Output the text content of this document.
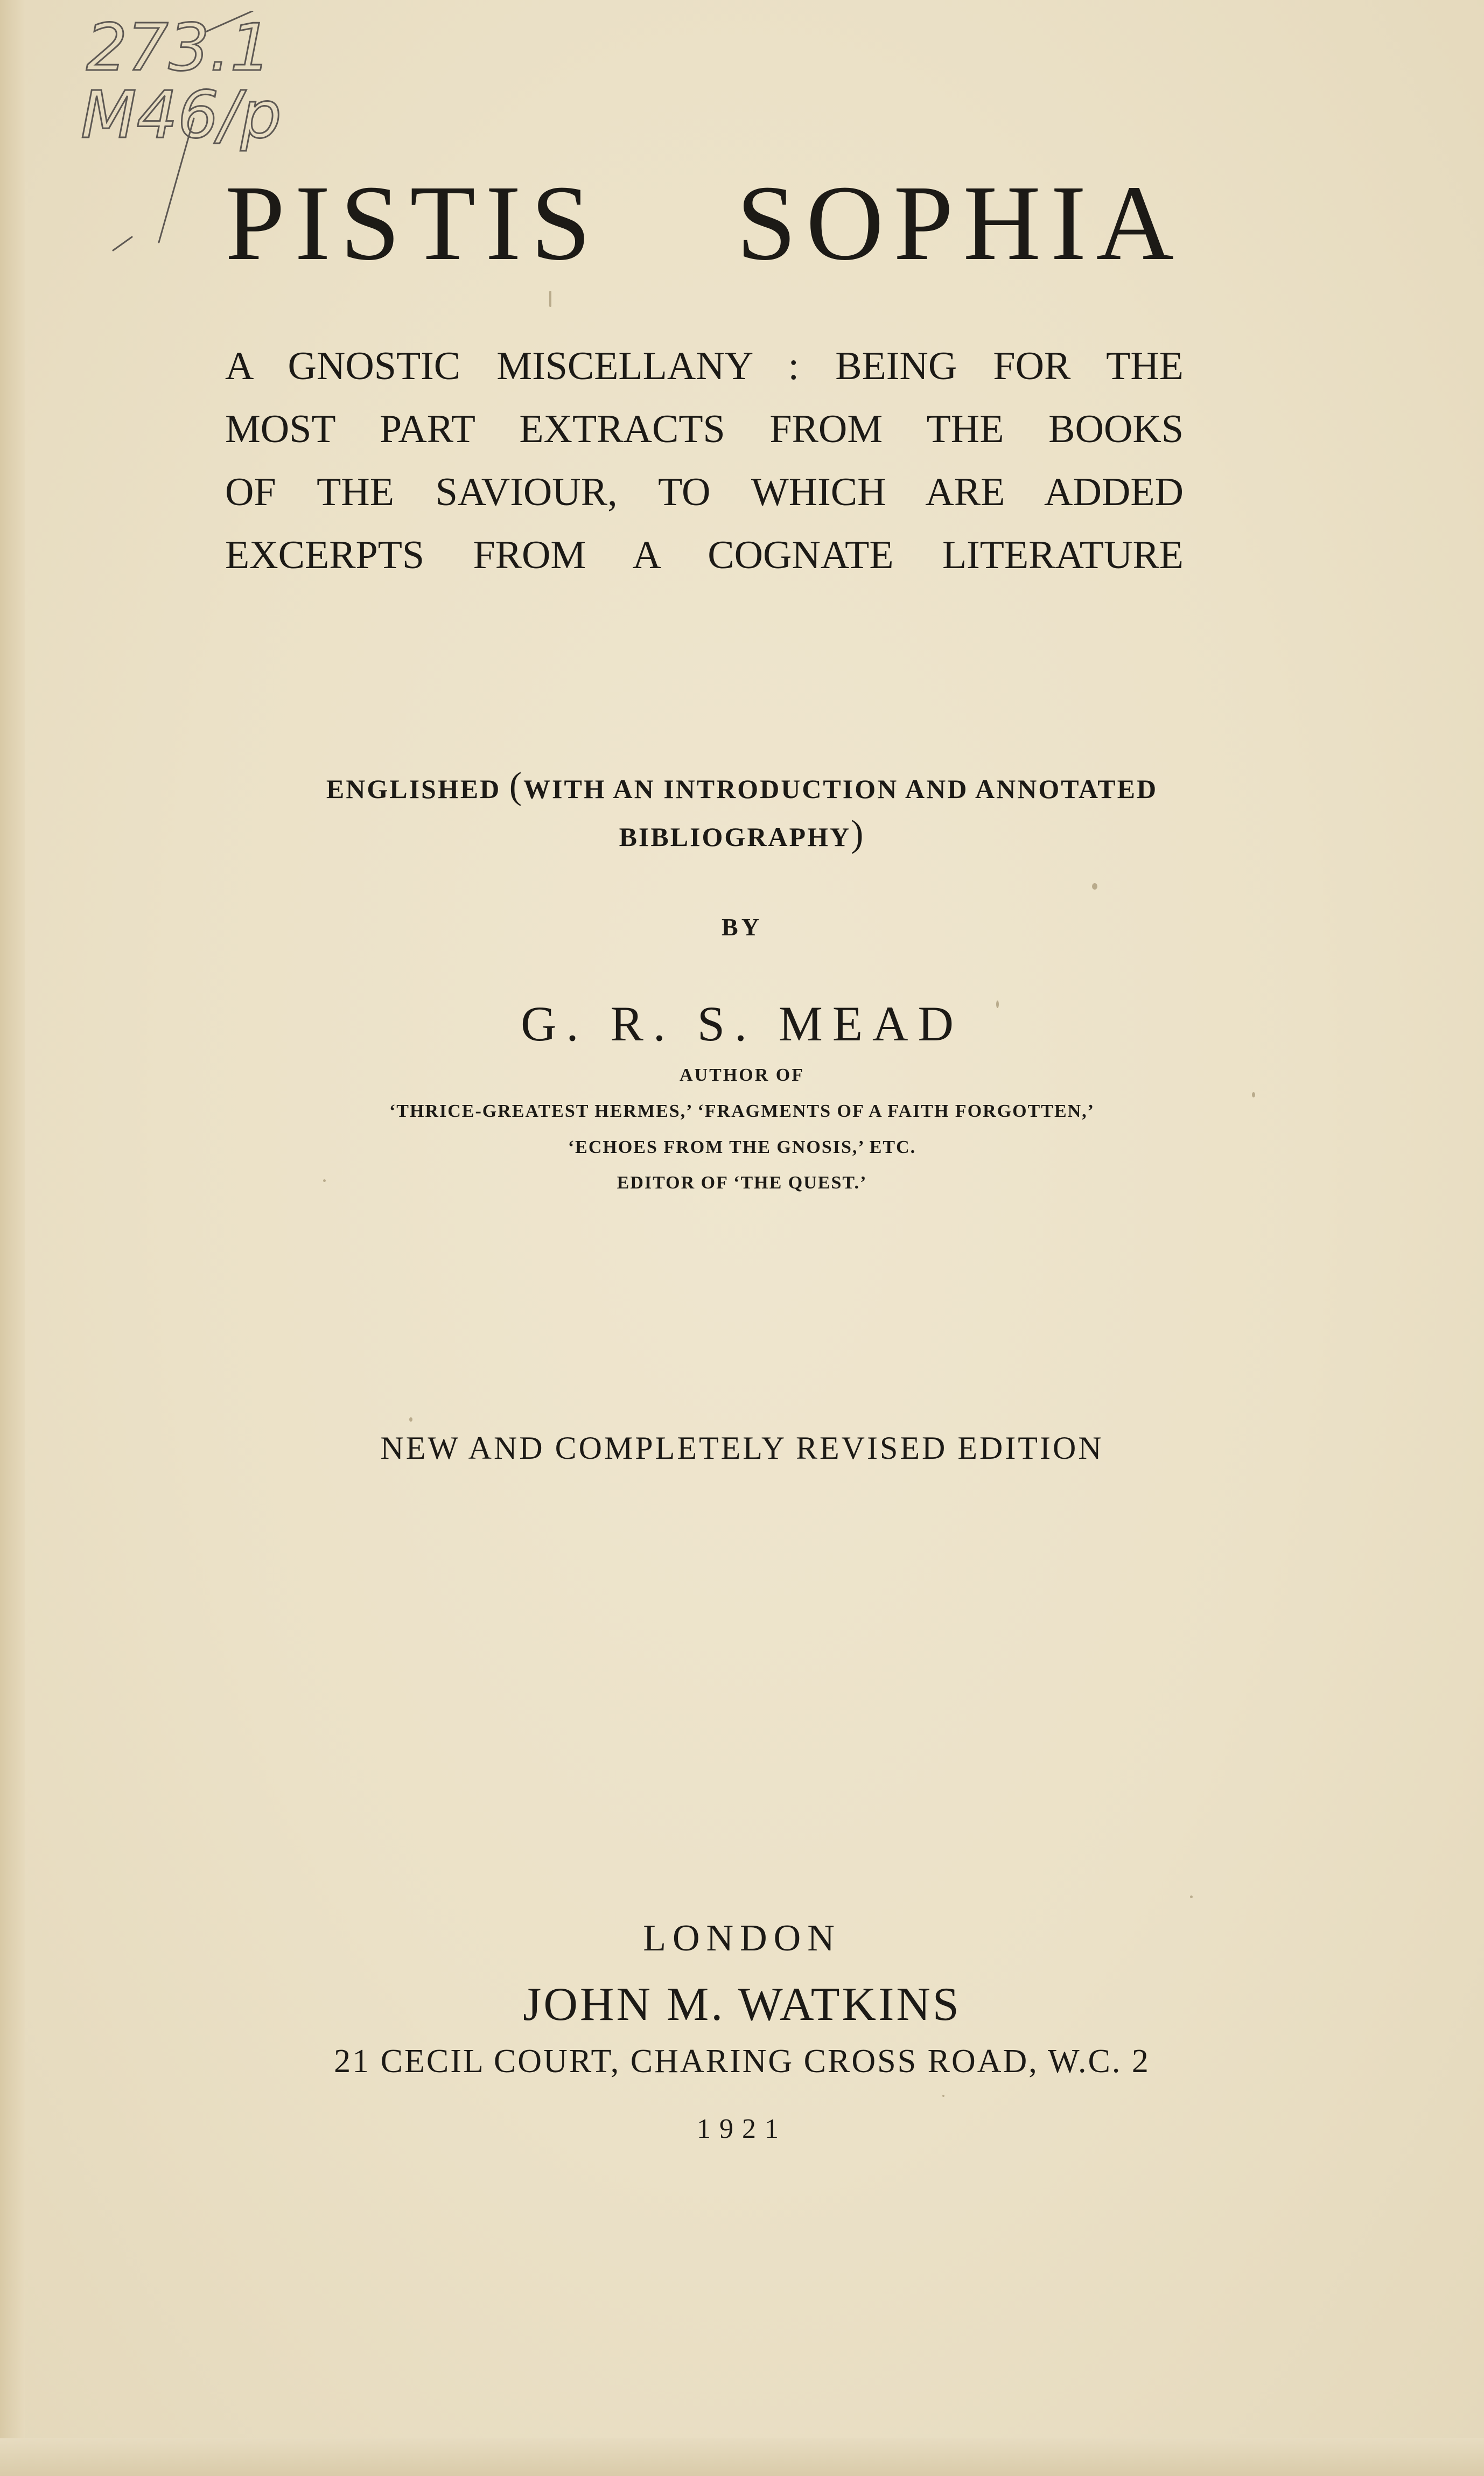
273.1
M46/p
PISTIS SOPHIA
A GNOSTIC MISCELLANY : BEING FOR THE
MOST PART EXTRACTS FROM THE BOOKS
OF THE SAVIOUR, TO WHICH ARE ADDED
EXCERPTS FROM A COGNATE LITERATURE
ENGLISHED (WITH AN INTRODUCTION AND ANNOTATED
BIBLIOGRAPHY)
BY
G. R. S. MEAD
AUTHOR OF
‘THRICE-GREATEST HERMES,’ ‘FRAGMENTS OF A FAITH FORGOTTEN,’
‘ECHOES FROM THE GNOSIS,’ ETC.
EDITOR OF ‘THE QUEST.’
NEW AND COMPLETELY REVISED EDITION
LONDON
JOHN M. WATKINS
21 CECIL COURT, CHARING CROSS ROAD, W.C. 2
1921
